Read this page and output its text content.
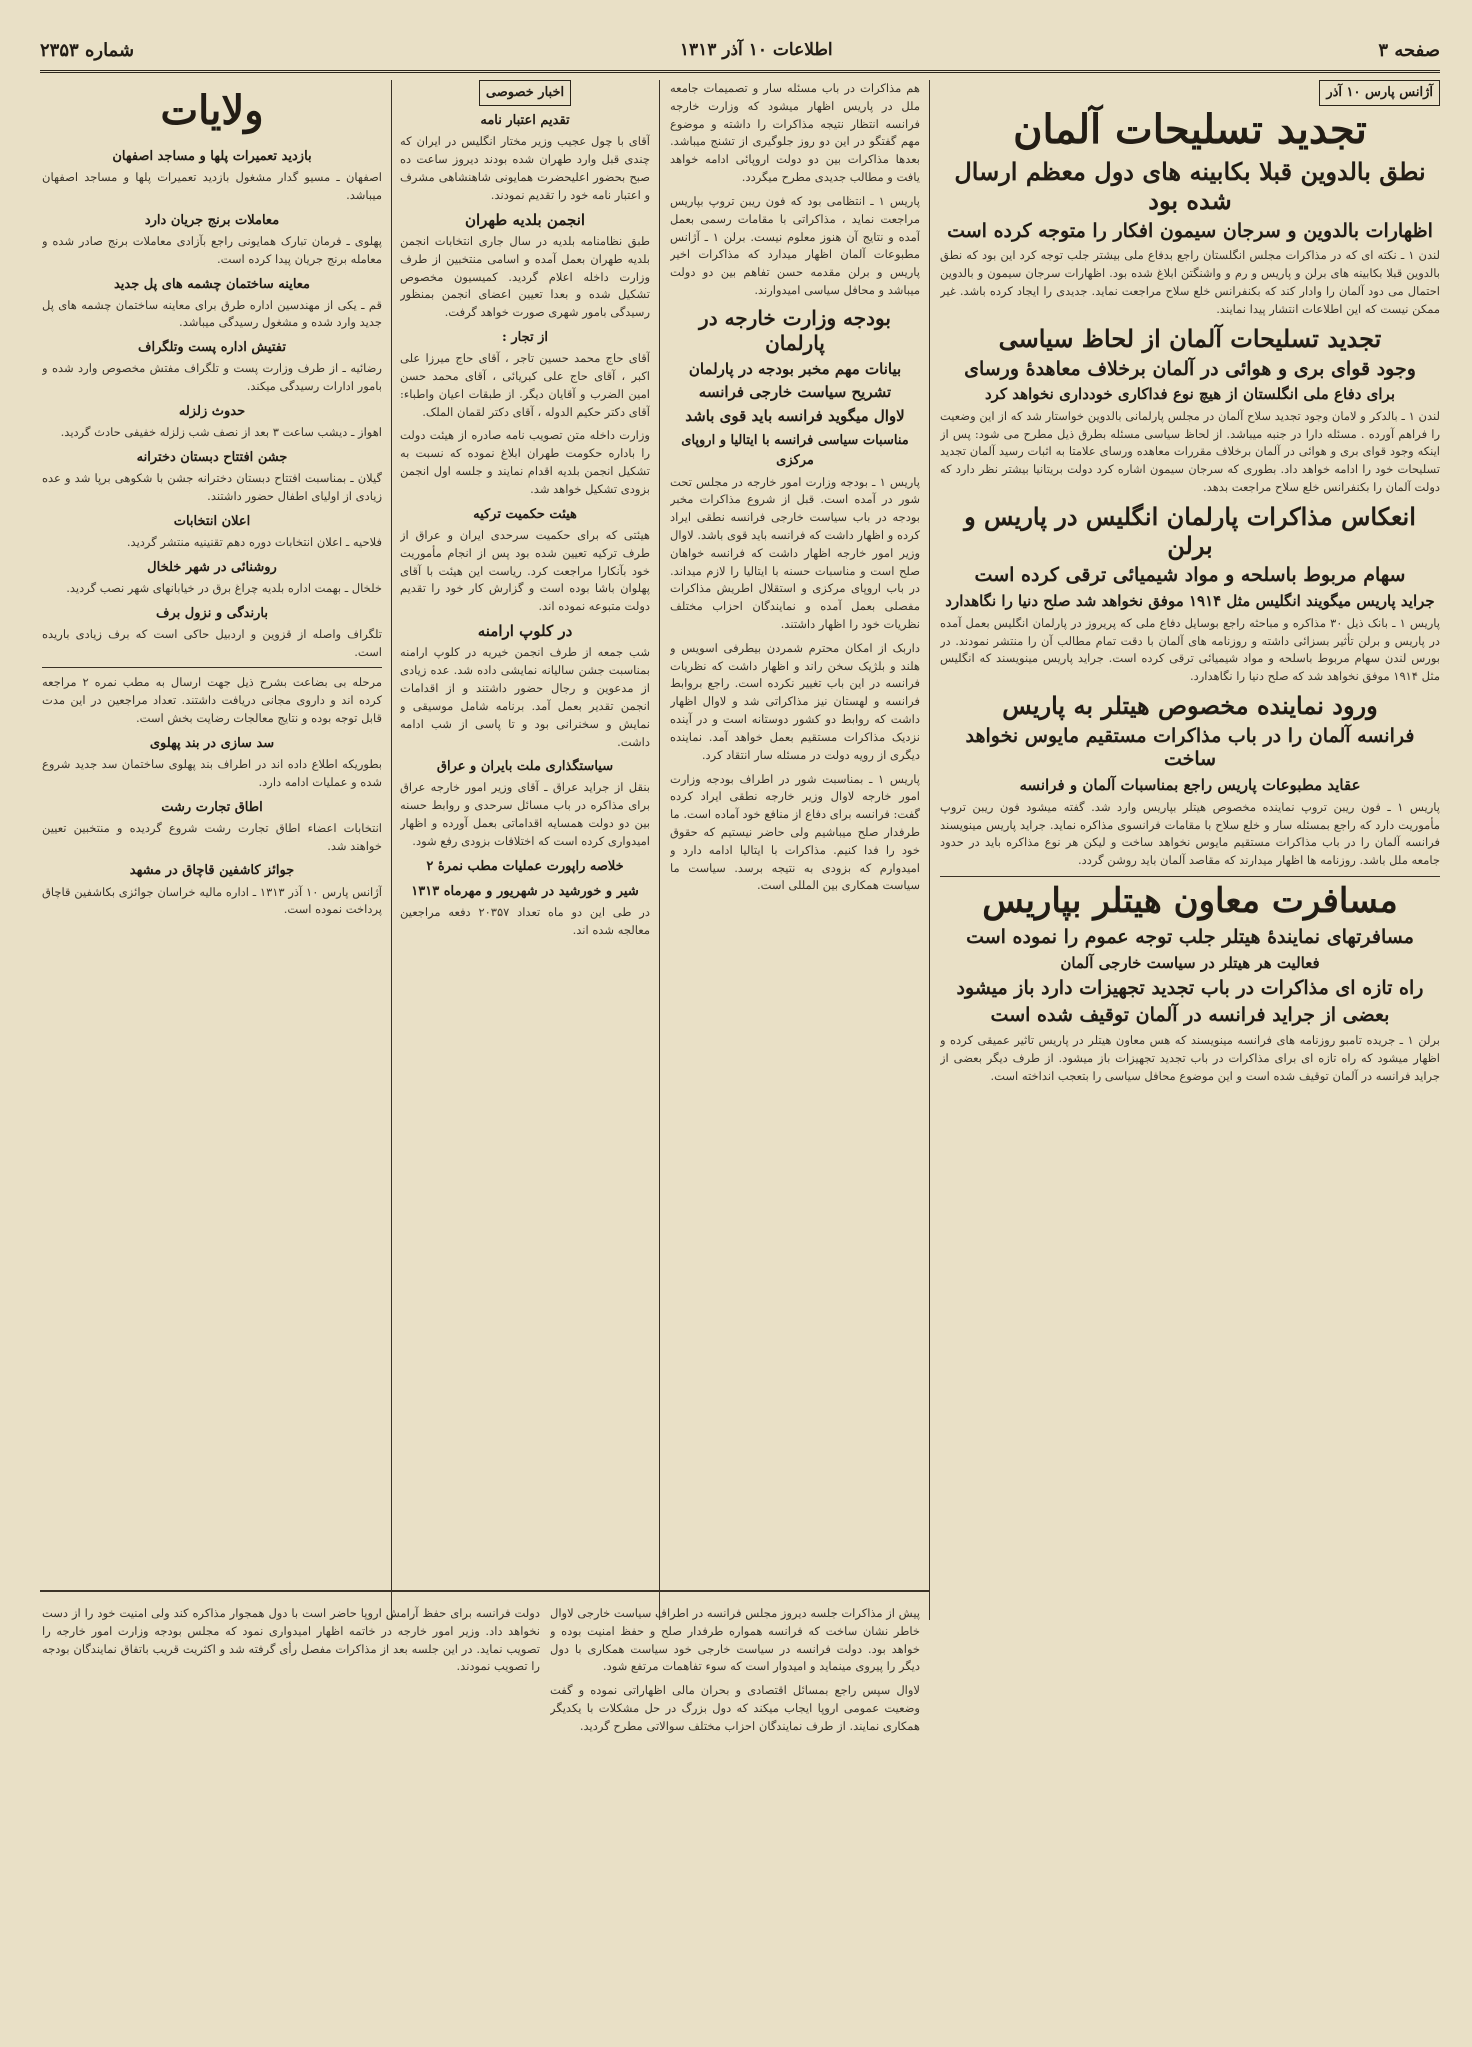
صفحه ۳
اطلاعات ۱۰ آذر ۱۳۱۳
شماره ۲۳۵۳
آژانس پارس ۱۰ آذر
تجدید تسلیحات آلمان
نطق بالدوین قبلا بکابینه های دول معظم ارسال شده بود
اظهارات بالدوین و سرجان سیمون افکار را متوجه کرده است

لندن ۱ ـ نکته ای که در مذاکرات مجلس انگلستان راجع بدفاع ملی بیشتر جلب توجه کرد این بود که نطق بالدوین قبلا بکابینه های برلن و پاریس و رم و واشنگتن ابلاغ شده بود. اظهارات سرجان سیمون و بالدوین احتمال می دود آلمان را وادار کند که بکنفرانس خلع سلاح مراجعت نماید. جدیدی را ایجاد کرده باشد. غیر ممکن نیست که این اطلاعات انتشار پیدا نمایند.

تجدید تسلیحات آلمان از لحاظ سیاسی
وجود قوای بری و هوائی در آلمان برخلاف معاهدهٔ ورسای
برای دفاع ملی انگلستان از هیچ نوع فداکاری خودداری نخواهد کرد

لندن ۱ ـ بالدکر و لامان وجود تجدید سلاح آلمان در مجلس پارلمانی بالدوین خواستار شد که از این وضعیت را فراهم آورده . مسئله دارا در جنبه میباشد. از لحاظ سیاسی مسئله بطرق ذیل مطرح می شود: پس از اینکه وجود قوای بری و هوائی در آلمان برخلاف مقررات معاهده ورسای علامتا به اثبات رسید آلمان تجدید تسلیحات خود را ادامه خواهد داد. بطوری که سرجان سیمون اشاره کرد دولت بریتانیا بیشتر نظر دارد که دولت آلمان را بکنفرانس خلع سلاح مراجعت بدهد.

انعکاس مذاکرات پارلمان انگلیس در پاریس و برلن
سهام مربوط باسلحه و مواد شیمیائی ترقی کرده است
جراید پاریس میگویند انگلیس مثل ۱۹۱۴ موفق نخواهد شد صلح دنیا را نگاهدارد

پاریس ۱ ـ بانک ذیل ۳۰ مذاکره و مباحثه راجع بوسایل دفاع ملی که پریروز در پارلمان انگلیس بعمل آمده در پاریس و برلن تأثیر بسزائی داشته و روزنامه های آلمان با دقت تمام مطالب آن را منتشر نمودند. در بورس لندن سهام مربوط باسلحه و مواد شیمیائی ترقی کرده است. جراید پاریس مینویسند که انگلیس مثل ۱۹۱۴ موفق نخواهد شد که صلح دنیا را نگاهدارد.

ورود نماینده مخصوص هیتلر به پاریس
فرانسه آلمان را در باب مذاکرات مستقیم مایوس نخواهد ساخت
عقاید مطبوعات پاریس راجع بمناسبات آلمان و فرانسه

پاریس ۱ ـ فون ریبن تروپ نماینده مخصوص هیتلر بپاریس وارد شد. گفته میشود فون ریبن تروپ مأموریت دارد که راجع بمسئله سار و خلع سلاح با مقامات فرانسوی مذاکره نماید. جراید پاریس مینویسند فرانسه آلمان را در باب مذاکرات مستقیم مایوس نخواهد ساخت و لیکن هر نوع مذاکره باید در حدود جامعه ملل باشد. روزنامه ها اظهار میدارند که مقاصد آلمان باید روشن گردد.

مسافرت معاون هیتلر بپاریس
مسافرتهای نمایندهٔ هیتلر جلب توجه عموم را نموده است
فعالیت هر هیتلر در سیاست خارجی آلمان
راه تازه ای مذاکرات در باب تجدید تجهیزات دارد باز میشود
بعضی از جراید فرانسه در آلمان توقیف شده است

برلن ۱ ـ جریده تامبو روزنامه های فرانسه مینویسند که هس معاون هیتلر در پاریس تاثیر عمیقی کرده و اظهار میشود که راه تازه ای برای مذاکرات در باب تجدید تجهیزات باز میشود. از طرف دیگر بعضی از جراید فرانسه در آلمان توقیف شده است و این موضوع محافل سیاسی را بتعجب انداخته است.

هم مذاکرات در باب مسئله سار و تصمیمات جامعه ملل در پاریس اظهار میشود که وزارت خارجه فرانسه انتظار نتیجه مذاکرات را داشته و موضوع مهم گفتگو در این دو روز جلوگیری از تشنج میباشد. بعدها مذاکرات بین دو دولت اروپائی ادامه خواهد یافت و مطالب جدیدی مطرح میگردد.

پاریس ۱ ـ انتظامی بود که فون ریبن تروپ بپاریس مراجعت نماید ، مذاکراتی با مقامات رسمی بعمل آمده و نتایج آن هنوز معلوم نیست. برلن ۱ ـ آژانس مطبوعات آلمان اظهار میدارد که مذاکرات اخیر پاریس و برلن مقدمه حسن تفاهم بین دو دولت میباشد و محافل سیاسی امیدوارند.

بودجه وزارت خارجه در پارلمان
بیانات مهم مخبر بودجه در پارلمان
تشریح سیاست خارجی فرانسه
لاوال میگوید فرانسه باید قوی باشد
مناسبات سیاسی فرانسه با ایتالیا و اروپای مرکزی

پاریس ۱ ـ بودجه وزارت امور خارجه در مجلس تحت شور در آمده است. قبل از شروع مذاکرات مخبر بودجه در باب سیاست خارجی فرانسه نطقی ایراد کرده و اظهار داشت که فرانسه باید قوی باشد. لاوال وزیر امور خارجه اظهار داشت که فرانسه خواهان صلح است و مناسبات حسنه با ایتالیا را لازم میداند. در باب اروپای مرکزی و استقلال اطریش مذاکرات مفصلی بعمل آمده و نمایندگان احزاب مختلف نظریات خود را اظهار داشتند.

داربک از امکان محترم شمردن بیطرفی اسویس و هلند و بلژیک سخن راند و اظهار داشت که نظریات فرانسه در این باب تغییر نکرده است. راجع بروابط فرانسه و لهستان نیز مذاکراتی شد و لاوال اظهار داشت که روابط دو کشور دوستانه است و در آینده نزدیک مذاکرات مستقیم بعمل خواهد آمد. نماینده دیگری از رویه دولت در مسئله سار انتقاد کرد.

پاریس ۱ ـ بمناسبت شور در اطراف بودجه وزارت امور خارجه لاوال وزیر خارجه نطقی ایراد کرده گفت: فرانسه برای دفاع از منافع خود آماده است. ما طرفدار صلح میباشیم ولی حاضر نیستیم که حقوق خود را فدا کنیم. مذاکرات با ایتالیا ادامه دارد و امیدوارم که بزودی به نتیجه برسد. سیاست ما سیاست همکاری بین المللی است.

اخبار خصوصی
تقدیم اعتبار نامه

آقای با چول عجیب وزیر مختار انگلیس در ایران که چندی قبل وارد طهران شده بودند دیروز ساعت ده صبح بحضور اعلیحضرت همایونی شاهنشاهی مشرف و اعتبار نامه خود را تقدیم نمودند.

انجمن بلدیه طهران

طبق نظامنامه بلدیه در سال جاری انتخابات انجمن بلدیه طهران بعمل آمده و اسامی منتخبین از طرف وزارت داخله اعلام گردید. کمیسیون مخصوص تشکیل شده و بعدا تعیین اعضای انجمن بمنظور رسیدگی بامور شهری صورت خواهد گرفت.

از تجار :

آقای حاج محمد حسین تاجر ، آقای حاج میرزا علی اکبر ، آقای حاج علی کبریائی ، آقای محمد حسن امین الضرب و آقایان دیگر. از طبقات اعیان واطباء: آقای دکتر حکیم الدوله ، آقای دکتر لقمان الملک.

وزارت داخله متن تصویب نامه صادره از هیئت دولت را باداره حکومت طهران ابلاغ نموده که نسبت به تشکیل انجمن بلدیه اقدام نمایند و جلسه اول انجمن بزودی تشکیل خواهد شد.

هیئت حکمیت ترکیه

هیئتی که برای حکمیت سرحدی ایران و عراق از طرف ترکیه تعیین شده بود پس از انجام مأموریت خود بآنکارا مراجعت کرد. ریاست این هیئت با آقای پهلوان باشا بوده است و گزارش کار خود را تقدیم دولت متبوعه نموده اند.

در کلوپ ارامنه

شب جمعه از طرف انجمن خیریه در کلوپ ارامنه بمناسبت جشن سالیانه نمایشی داده شد. عده زیادی از مدعوین و رجال حضور داشتند و از اقدامات انجمن تقدیر بعمل آمد. برنامه شامل موسیقی و نمایش و سخنرانی بود و تا پاسی از شب ادامه داشت.

سیاستگذاری ملت بایران و عراق

بنقل از جراید عراق ـ آقای وزیر امور خارجه عراق برای مذاکره در باب مسائل سرحدی و روابط حسنه بین دو دولت همسایه اقداماتی بعمل آورده و اظهار امیدواری کرده است که اختلافات بزودی رفع شود.

خلاصه راپورت عملیات مطب نمرهٔ ۲
شیر و خورشید در شهریور و مهرماه ۱۳۱۳

در طی این دو ماه تعداد ۲۰۳۵۷ دفعه مراجعین معالجه شده اند.

ولایات
بازدید تعمیرات پلها و مساجد اصفهان

اصفهان ـ مسیو گدار مشغول بازدید تعمیرات پلها و مساجد اصفهان میباشد.

معاملات برنج جریان دارد

پهلوی ـ فرمان تبارک همایونی راجع بآزادی معاملات برنج صادر شده و معامله برنج جریان پیدا کرده است.

معاینه ساختمان چشمه های پل جدید

قم ـ یکی از مهندسین اداره طرق برای معاینه ساختمان چشمه های پل جدید وارد شده و مشغول رسیدگی میباشد.

تفتیش اداره پست وتلگراف

رضائیه ـ از طرف وزارت پست و تلگراف مفتش مخصوص وارد شده و بامور ادارات رسیدگی میکند.

حدوث زلزله

اهواز ـ دیشب ساعت ۳ بعد از نصف شب زلزله خفیفی حادث گردید.

جشن افتتاح دبستان دخترانه

گیلان ـ بمناسبت افتتاح دبستان دخترانه جشن با شکوهی برپا شد و عده زیادی از اولیای اطفال حضور داشتند.

اعلان انتخابات

فلاحیه ـ اعلان انتخابات دوره دهم تقنینیه منتشر گردید.

روشنائی در شهر خلخال

خلخال ـ بهمت اداره بلدیه چراغ برق در خیابانهای شهر نصب گردید.

بارندگی و نزول برف

تلگراف واصله از قزوین و اردبیل حاکی است که برف زیادی باریده است.

مرحله بی بضاعت بشرح ذیل جهت ارسال به مطب نمره ۲ مراجعه کرده اند و داروی مجانی دریافت داشتند. تعداد مراجعین در این مدت قابل توجه بوده و نتایج معالجات رضایت بخش است.

سد سازی در بند پهلوی

بطوریکه اطلاع داده اند در اطراف بند پهلوی ساختمان سد جدید شروع شده و عملیات ادامه دارد.

اطاق تجارت رشت

انتخابات اعضاء اطاق تجارت رشت شروع گردیده و منتخبین تعیین خواهند شد.

جوائز کاشفین قاچاق در مشهد

آژانس پارس ۱۰ آذر ۱۳۱۳ ـ اداره مالیه خراسان جوائزی بکاشفین قاچاق پرداخت نموده است.

پیش از مذاکرات جلسه دیروز مجلس فرانسه در اطراف سیاست خارجی لاوال خاطر نشان ساخت که فرانسه همواره طرفدار صلح و حفظ امنیت بوده و خواهد بود. دولت فرانسه در سیاست خارجی خود سیاست همکاری با دول دیگر را پیروی مینماید و امیدوار است که سوء تفاهمات مرتفع شود.

لاوال سپس راجع بمسائل اقتصادی و بحران مالی اظهاراتی نموده و گفت وضعیت عمومی اروپا ایجاب میکند که دول بزرگ در حل مشکلات با یکدیگر همکاری نمایند. از طرف نمایندگان احزاب مختلف سوالاتی مطرح گردید.

دولت فرانسه برای حفظ آرامش اروپا حاضر است با دول همجوار مذاکره کند ولی امنیت خود را از دست نخواهد داد. وزیر امور خارجه در خاتمه اظهار امیدواری نمود که مجلس بودجه وزارت امور خارجه را تصویب نماید. در این جلسه بعد از مذاکرات مفصل رأی گرفته شد و اکثریت قریب باتفاق نمایندگان بودجه را تصویب نمودند.
